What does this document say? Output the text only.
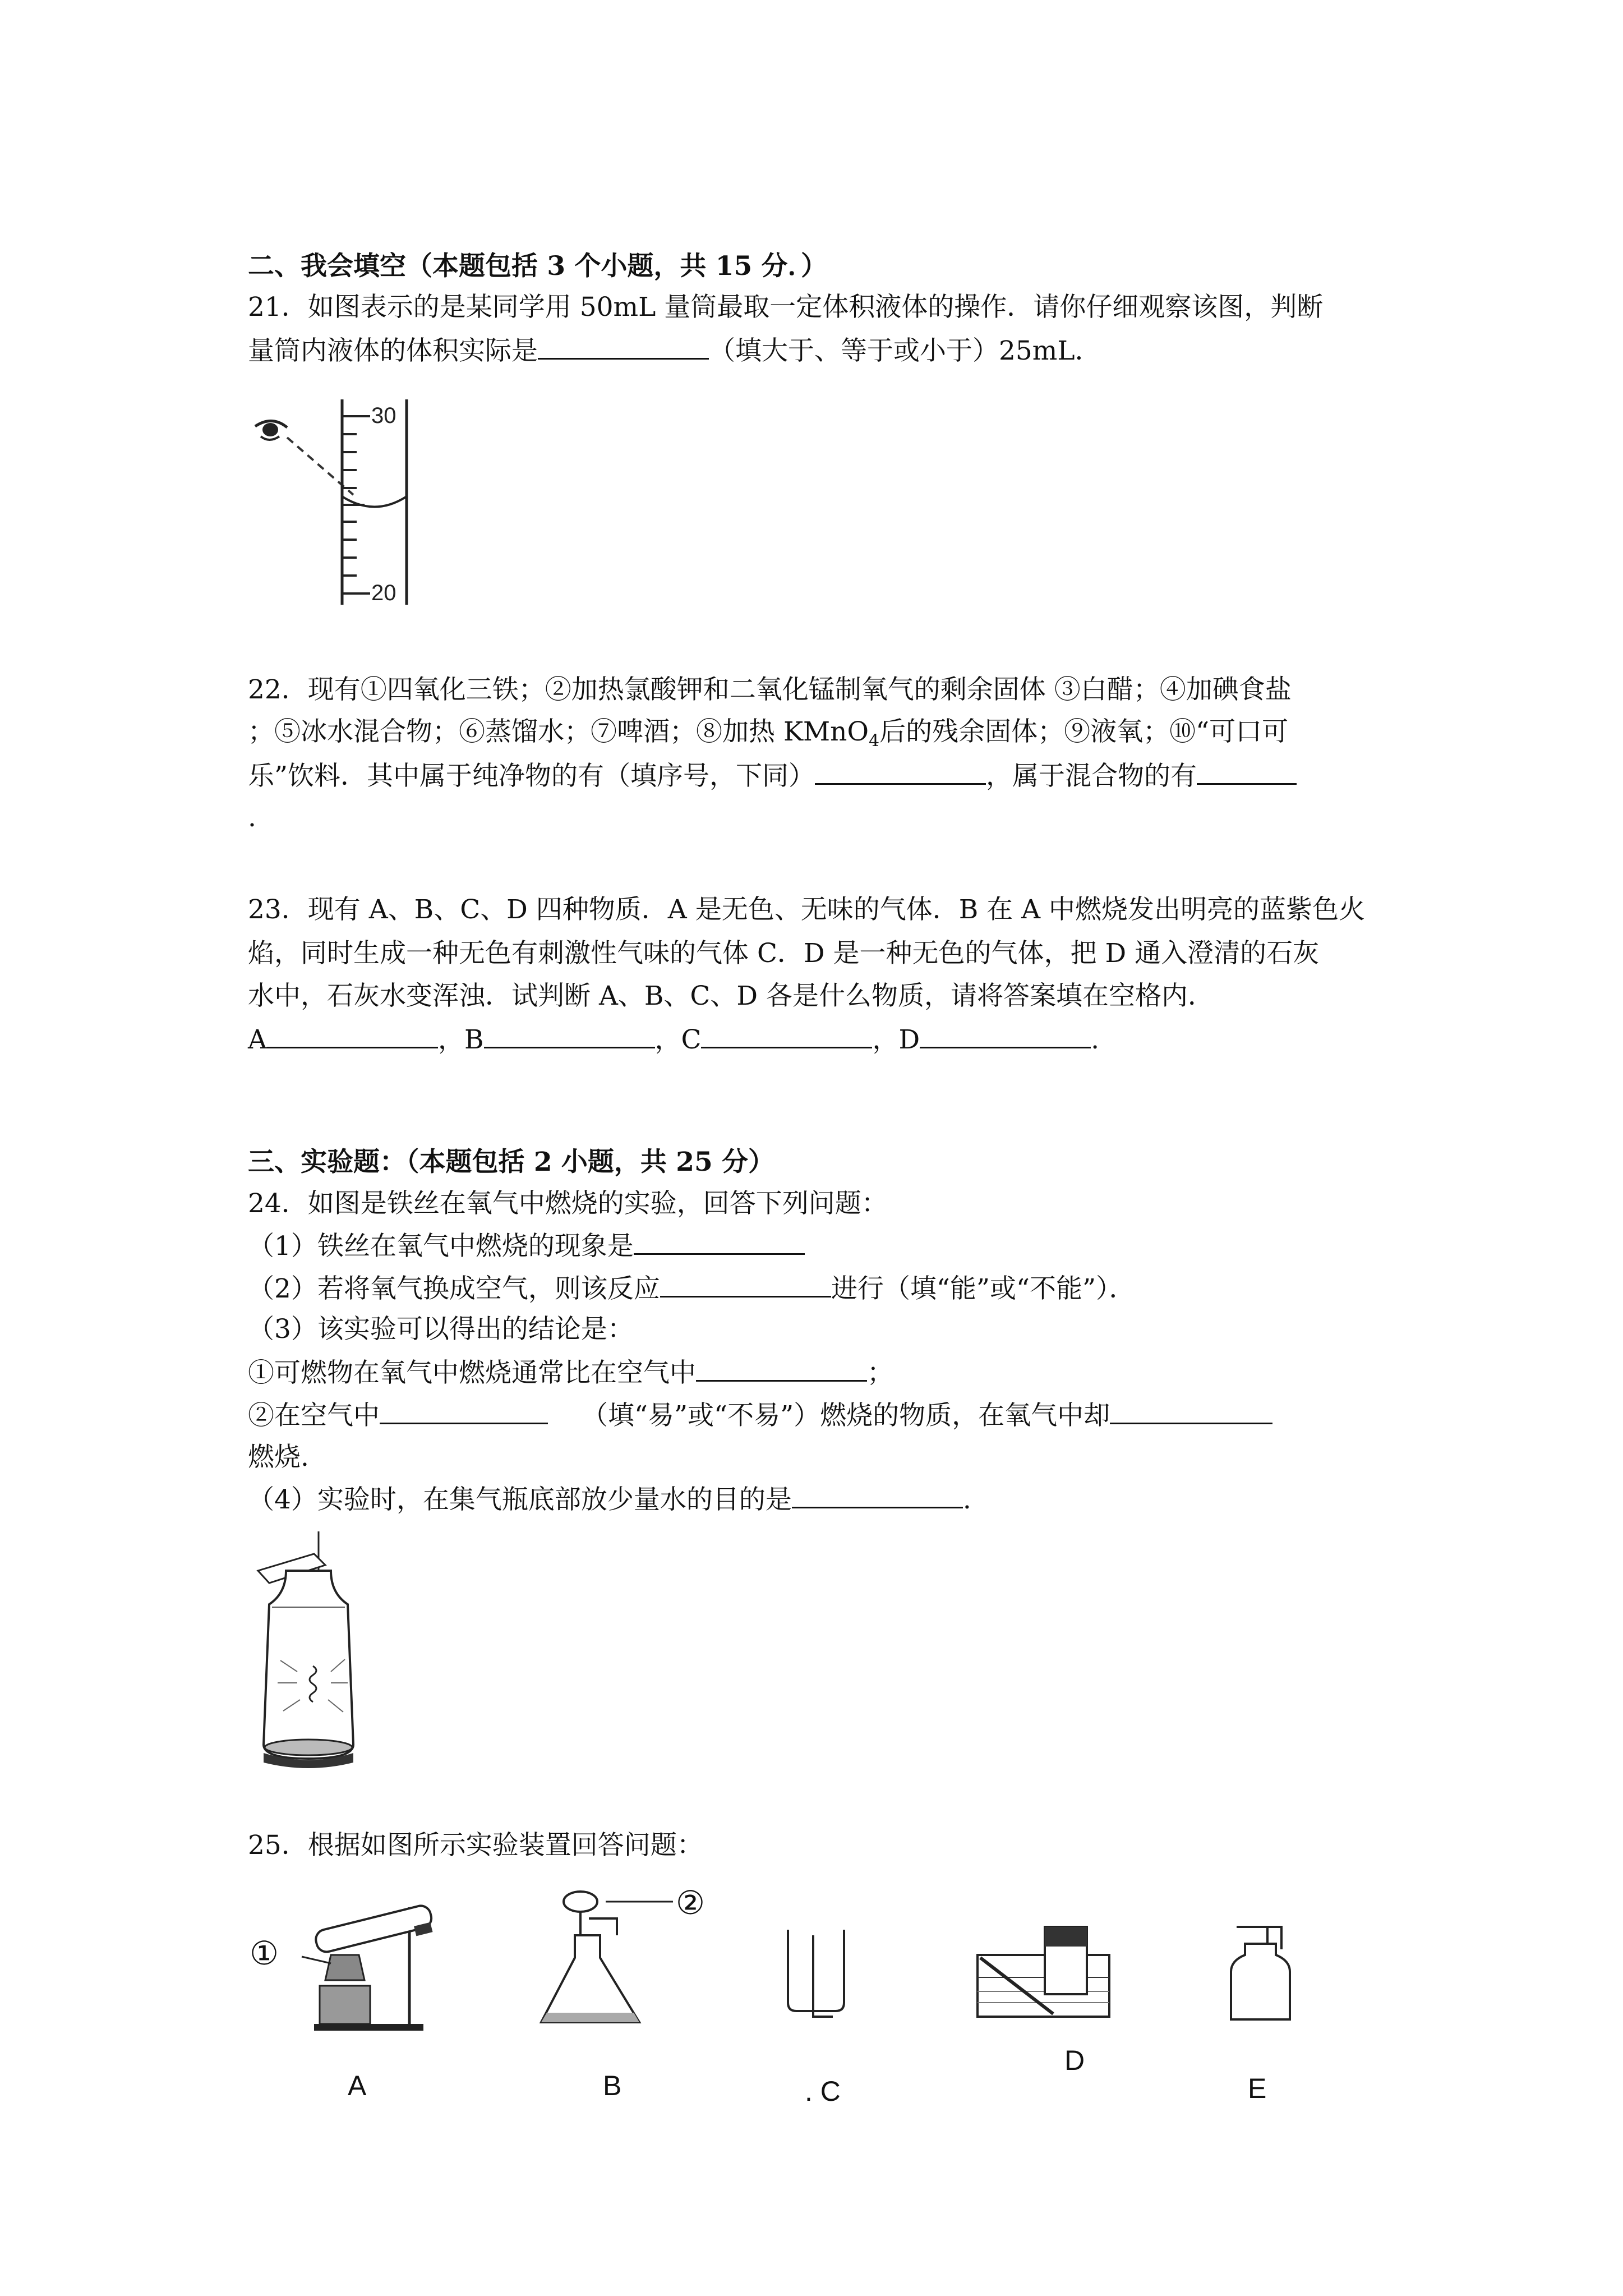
二、我会填空（本题包括 3 个小题，共 15 分．）
21．如图表示的是某同学用 50mL 量筒最取一定体积液体的操作．请你仔细观察该图，判断
量筒内液体的体积实际是	（填大于、等于或小于）25mL．
30
20
22．现有①四氧化三铁；②加热氯酸钾和二氧化锰制氧气的剩余固体 ③白醋；④加碘食盐
；⑤冰水混合物；⑥蒸馏水；⑦啤酒；⑧加热 KMnO$_4$后的残余固体；⑨液氧；⑩“可口可
乐”饮料．其中属于纯净物的有（填序号，下同）	，属于混合物的有
.
23．现有 A、B、C、D 四种物质．A 是无色、无味的气体．B 在 A 中燃烧发出明亮的蓝紫色火
焰，同时生成一种无色有刺激性气味的气体 C．D 是一种无色的气体，把 D 通入澄清的石灰
水中，石灰水变浑浊．试判断 A、B、C、D 各是什么物质，请将答案填在空格内．
A	，B	，C	，D	.
三、实验题：（本题包括 2 小题，共 25 分）
24．如图是铁丝在氧气中燃烧的实验，回答下列问题：
（1）铁丝在氧气中燃烧的现象是
（2）若将氧气换成空气，则该反应	进行（填“能”或“不能”）．
（3）该实验可以得出的结论是：
①可燃物在氧气中燃烧通常比在空气中	；
②在空气中	（填“易”或“不易”）燃烧的物质，在氧气中却
燃烧.
（4）实验时，在集气瓶底部放少量水的目的是	.
25．根据如图所示实验装置回答问题：
①
A
②
B	. C
D
E
